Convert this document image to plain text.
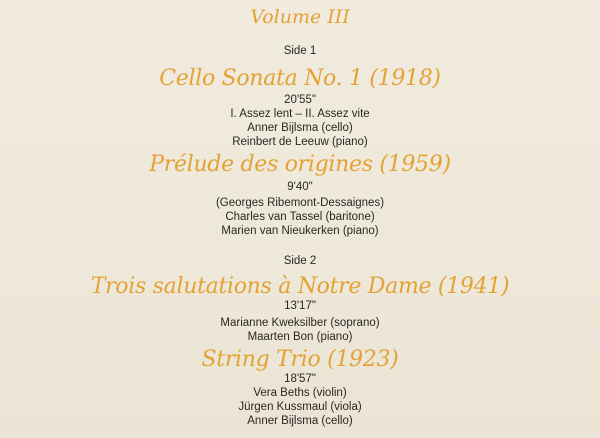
Volume III
Side 1
Cello Sonata No. 1 (1918)
20'55"
I. Assez lent – II. Assez vite
Anner Bijlsma (cello)
Reinbert de Leeuw (piano)
Prélude des origines (1959)
9'40"
(Georges Ribemont-Dessaignes)
Charles van Tassel (baritone)
Marien van Nieukerken (piano)
Side 2
Trois salutations à Notre Dame (1941)
13'17"
Marianne Kweksilber (soprano)
Maarten Bon (piano)
String Trio (1923)
18'57"
Vera Beths (violin)
Jürgen Kussmaul (viola)
Anner Bijlsma (cello)
